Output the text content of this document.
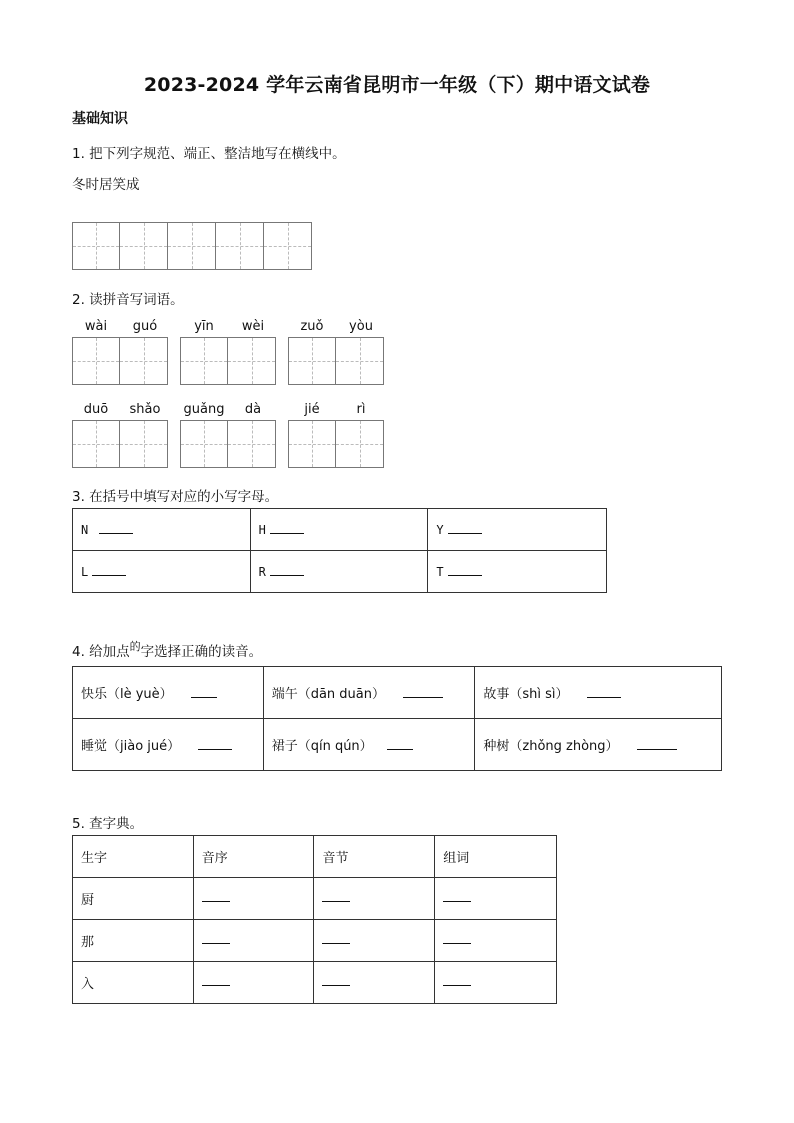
2023-2024 学年云南省昆明市一年级（下）期中语文试卷
基础知识
1. 把下列字规范、端正、整洁地写在横线中。
冬时居笑成
2. 读拼音写词语。
wài	guó	yīn	wèi	zuǒ	yòu
duō	shǎo	guǎng	dà	jié	rì
3. 在括号中填写对应的小写字母。
N	H	Y
L	R	T
4. 给加点$^的$字选择正确的读音。
快乐（lè yuè）	端午（dān duān）	故事（shì sì）
睡觉（jiào jué）	裙子（qín qún）	种树（zhǒng zhòng）
5. 查字典。
生字	音序	音节	组词
厨			
那			
入			
